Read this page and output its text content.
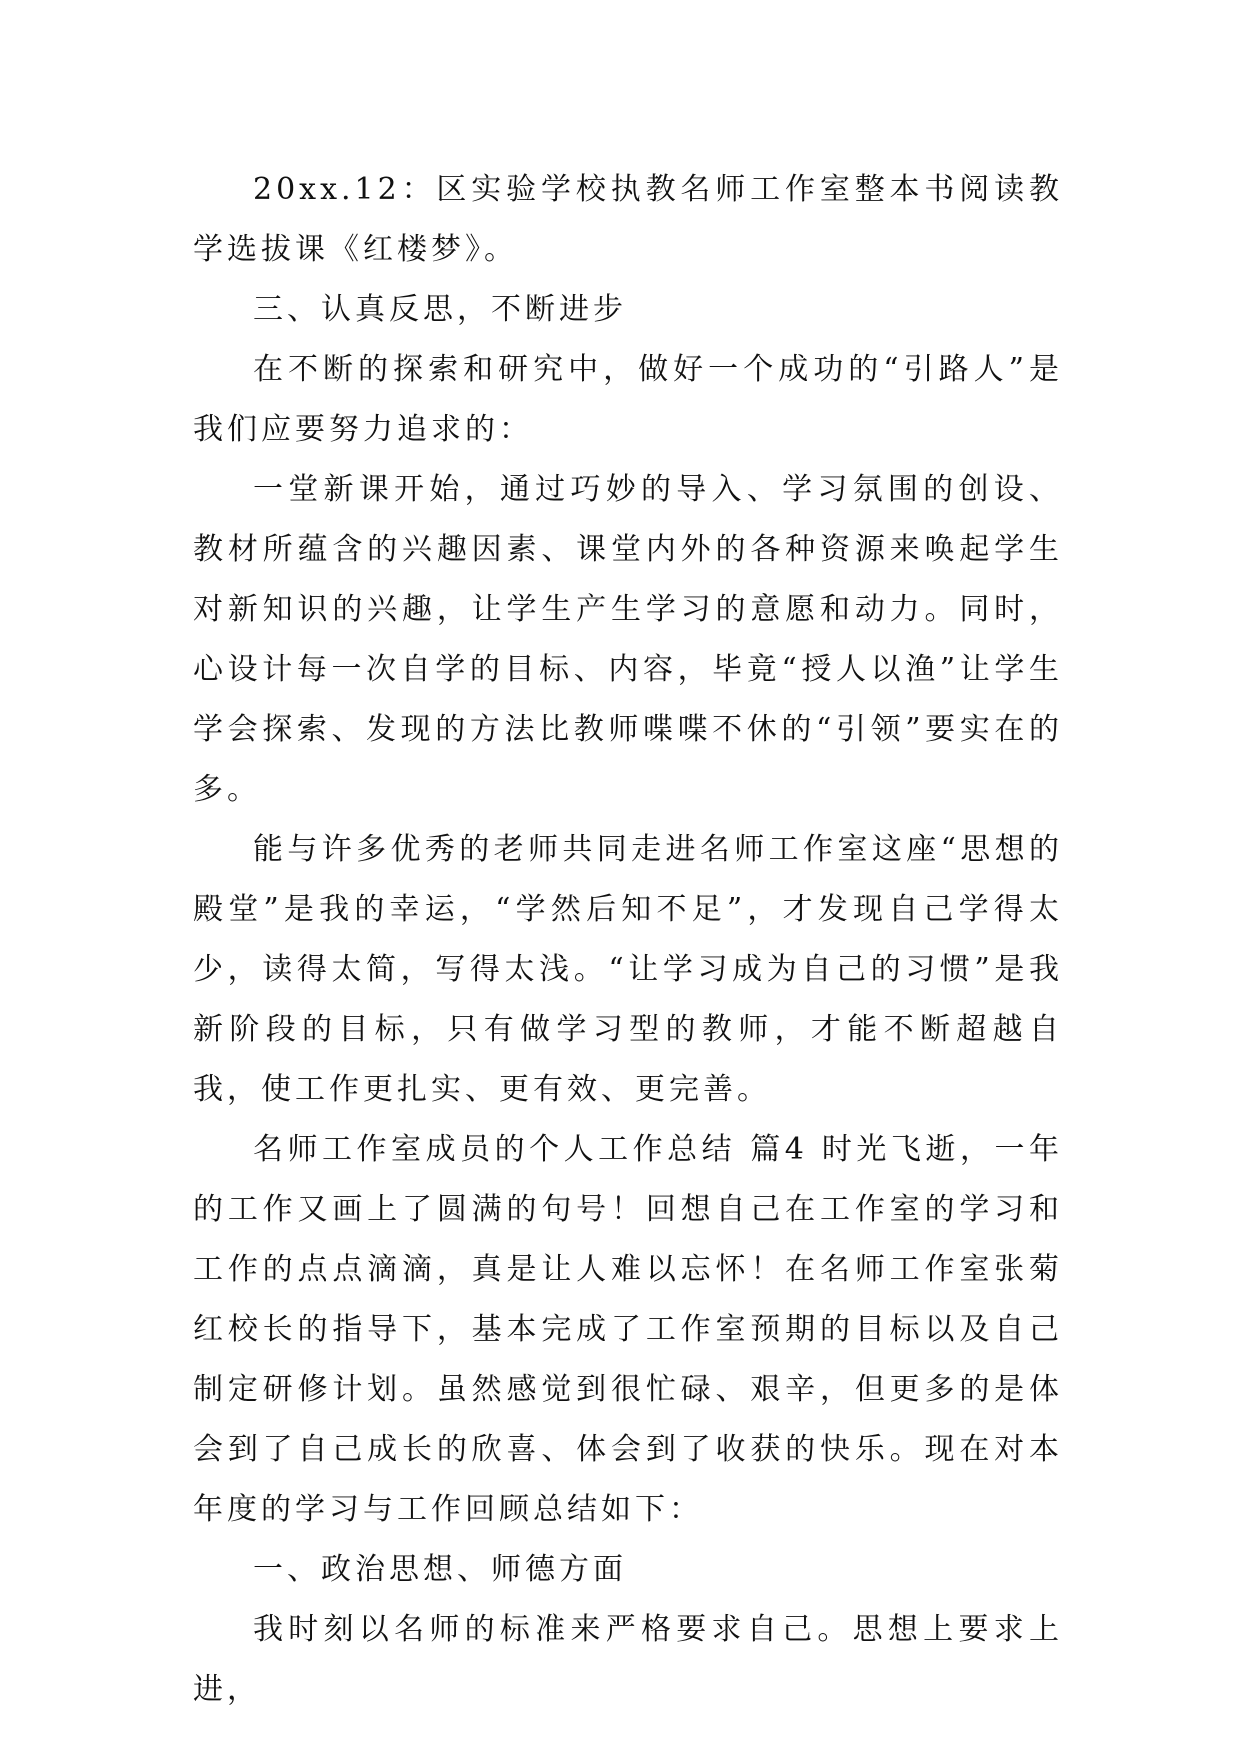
20xx.12：区实验学校执教名师工作室整本书阅读教学选拔课《红楼梦》。

三、认真反思，不断进步

在不断的探索和研究中，做好一个成功的“引路人”是我们应要努力追求的：

一堂新课开始，通过巧妙的导入、学习氛围的创设、教材所蕴含的兴趣因素、课堂内外的各种资源来唤起学生对新知识的兴趣，让学生产生学习的意愿和动力。同时，心设计每一次自学的目标、内容，毕竟“授人以渔”让学生学会探索、发现的方法比教师喋喋不休的“引领”要实在的多。

能与许多优秀的老师共同走进名师工作室这座“思想的殿堂”是我的幸运，“学然后知不足”，才发现自己学得太少，读得太简，写得太浅。“让学习成为自己的习惯”是我新阶段的目标，只有做学习型的教师，才能不断超越自我，使工作更扎实、更有效、更完善。

名师工作室成员的个人工作总结 篇4 时光飞逝，一年的工作又画上了圆满的句号！回想自己在工作室的学习和工作的点点滴滴，真是让人难以忘怀！在名师工作室张菊红校长的指导下，基本完成了工作室预期的目标以及自己制定研修计划。虽然感觉到很忙碌、艰辛，但更多的是体会到了自己成长的欣喜、体会到了收获的快乐。现在对本年度的学习与工作回顾总结如下：

一、政治思想、师德方面

我时刻以名师的标准来严格要求自己。思想上要求上进，
